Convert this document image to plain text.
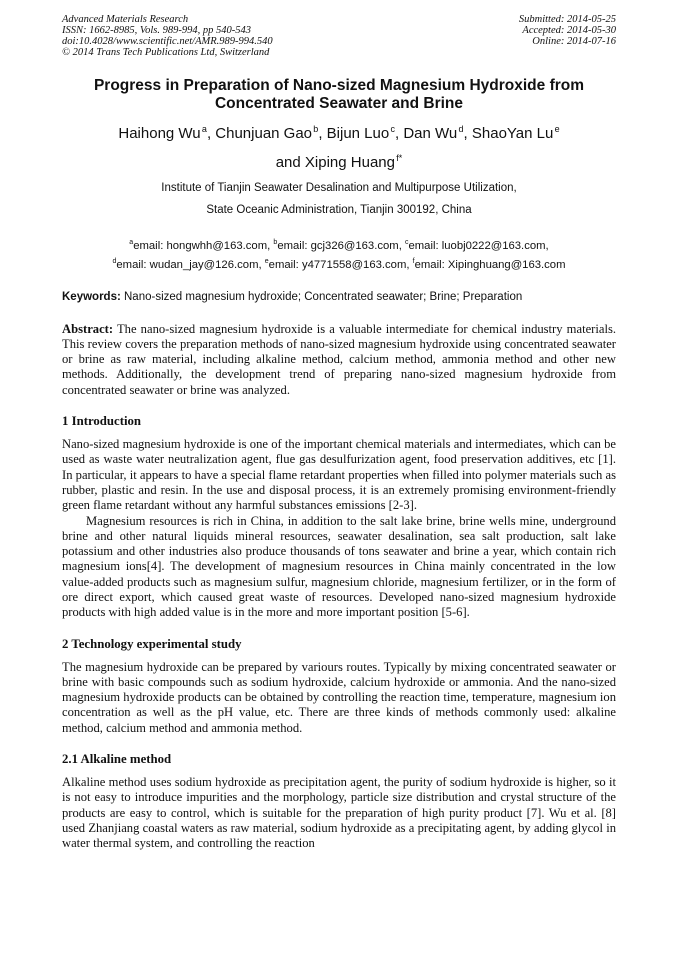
Advanced Materials Research
ISSN: 1662-8985, Vols. 989-994, pp 540-543
doi:10.4028/www.scientific.net/AMR.989-994.540
© 2014 Trans Tech Publications Ltd, Switzerland
Submitted: 2014-05-25
Accepted: 2014-05-30
Online: 2014-07-16
Progress in Preparation of Nano-sized Magnesium Hydroxide from Concentrated Seawater and Brine
Haihong Wu $^a$, Chunjuan Gao $^b$, Bijun Luo $^c$, Dan Wu $^d$, ShaoYan Lu $^e$
and Xiping Huang $^{f*}$
Institute of Tianjin Seawater Desalination and Multipurpose Utilization,
State Oceanic Administration, Tianjin 300192, China
$^a$email: hongwhh@163.com, $^b$email: gcj326@163.com, $^c$email: luobj0222@163.com,
$^d$email: wudan_jay@126.com, $^e$email: y4771558@163.com, $^f$email: Xipinghuang@163.com
Keywords: Nano-sized magnesium hydroxide; Concentrated seawater; Brine; Preparation
Abstract: The nano-sized magnesium hydroxide is a valuable intermediate for chemical industry materials. This review covers the preparation methods of nano-sized magnesium hydroxide using concentrated seawater or brine as raw material, including alkaline method, calcium method, ammonia method and other new methods. Additionally, the development trend of preparing nano-sized magnesium hydroxide from concentrated seawater or brine was analyzed.
1 Introduction

Nano-sized magnesium hydroxide is one of the important chemical materials and intermediates, which can be used as waste water neutralization agent, flue gas desulfurization agent, food preservation additives, etc [1]. In particular, it appears to have a special flame retardant properties when filled into polymer materials such as rubber, plastic and resin. In the use and disposal process, it is an extremely promising environment-friendly green flame retardant without any harmful substances emissions [2-3].

Magnesium resources is rich in China, in addition to the salt lake brine, brine wells mine, underground brine and other natural liquids mineral resources, seawater desalination, sea salt production, salt lake potassium and other industries also produce thousands of tons seawater and brine a year, which contain rich magnesium ions[4]. The development of magnesium resources in China mainly concentrated in the low value-added products such as magnesium sulfur, magnesium chloride, magnesium fertilizer, or in the form of ore direct export, which caused great waste of resources. Developed nano-sized magnesium hydroxide products with high added value is in the more and more important position [5-6].

2 Technology experimental study

The magnesium hydroxide can be prepared by variours routes. Typically by mixing concentrated seawater or brine with basic compounds such as sodium hydroxide, calcium hydroxide or ammonia. And the nano-sized magnesium hydroxide products can be obtained by controlling the reaction time, temperature, magnesium ion concentration as well as the pH value, etc. There are three kinds of methods commonly used: alkaline method, calcium method and ammonia method.

2.1 Alkaline method

Alkaline method uses sodium hydroxide as precipitation agent, the purity of sodium hydroxide is higher, so it is not easy to introduce impurities and the morphology, particle size distribution and crystal structure of the products are easy to control, which is suitable for the preparation of high purity product [7]. Wu et al. [8] used Zhanjiang coastal waters as raw material, sodium hydroxide as a precipitating agent, by adding glycol in water thermal system, and controlling the reaction
